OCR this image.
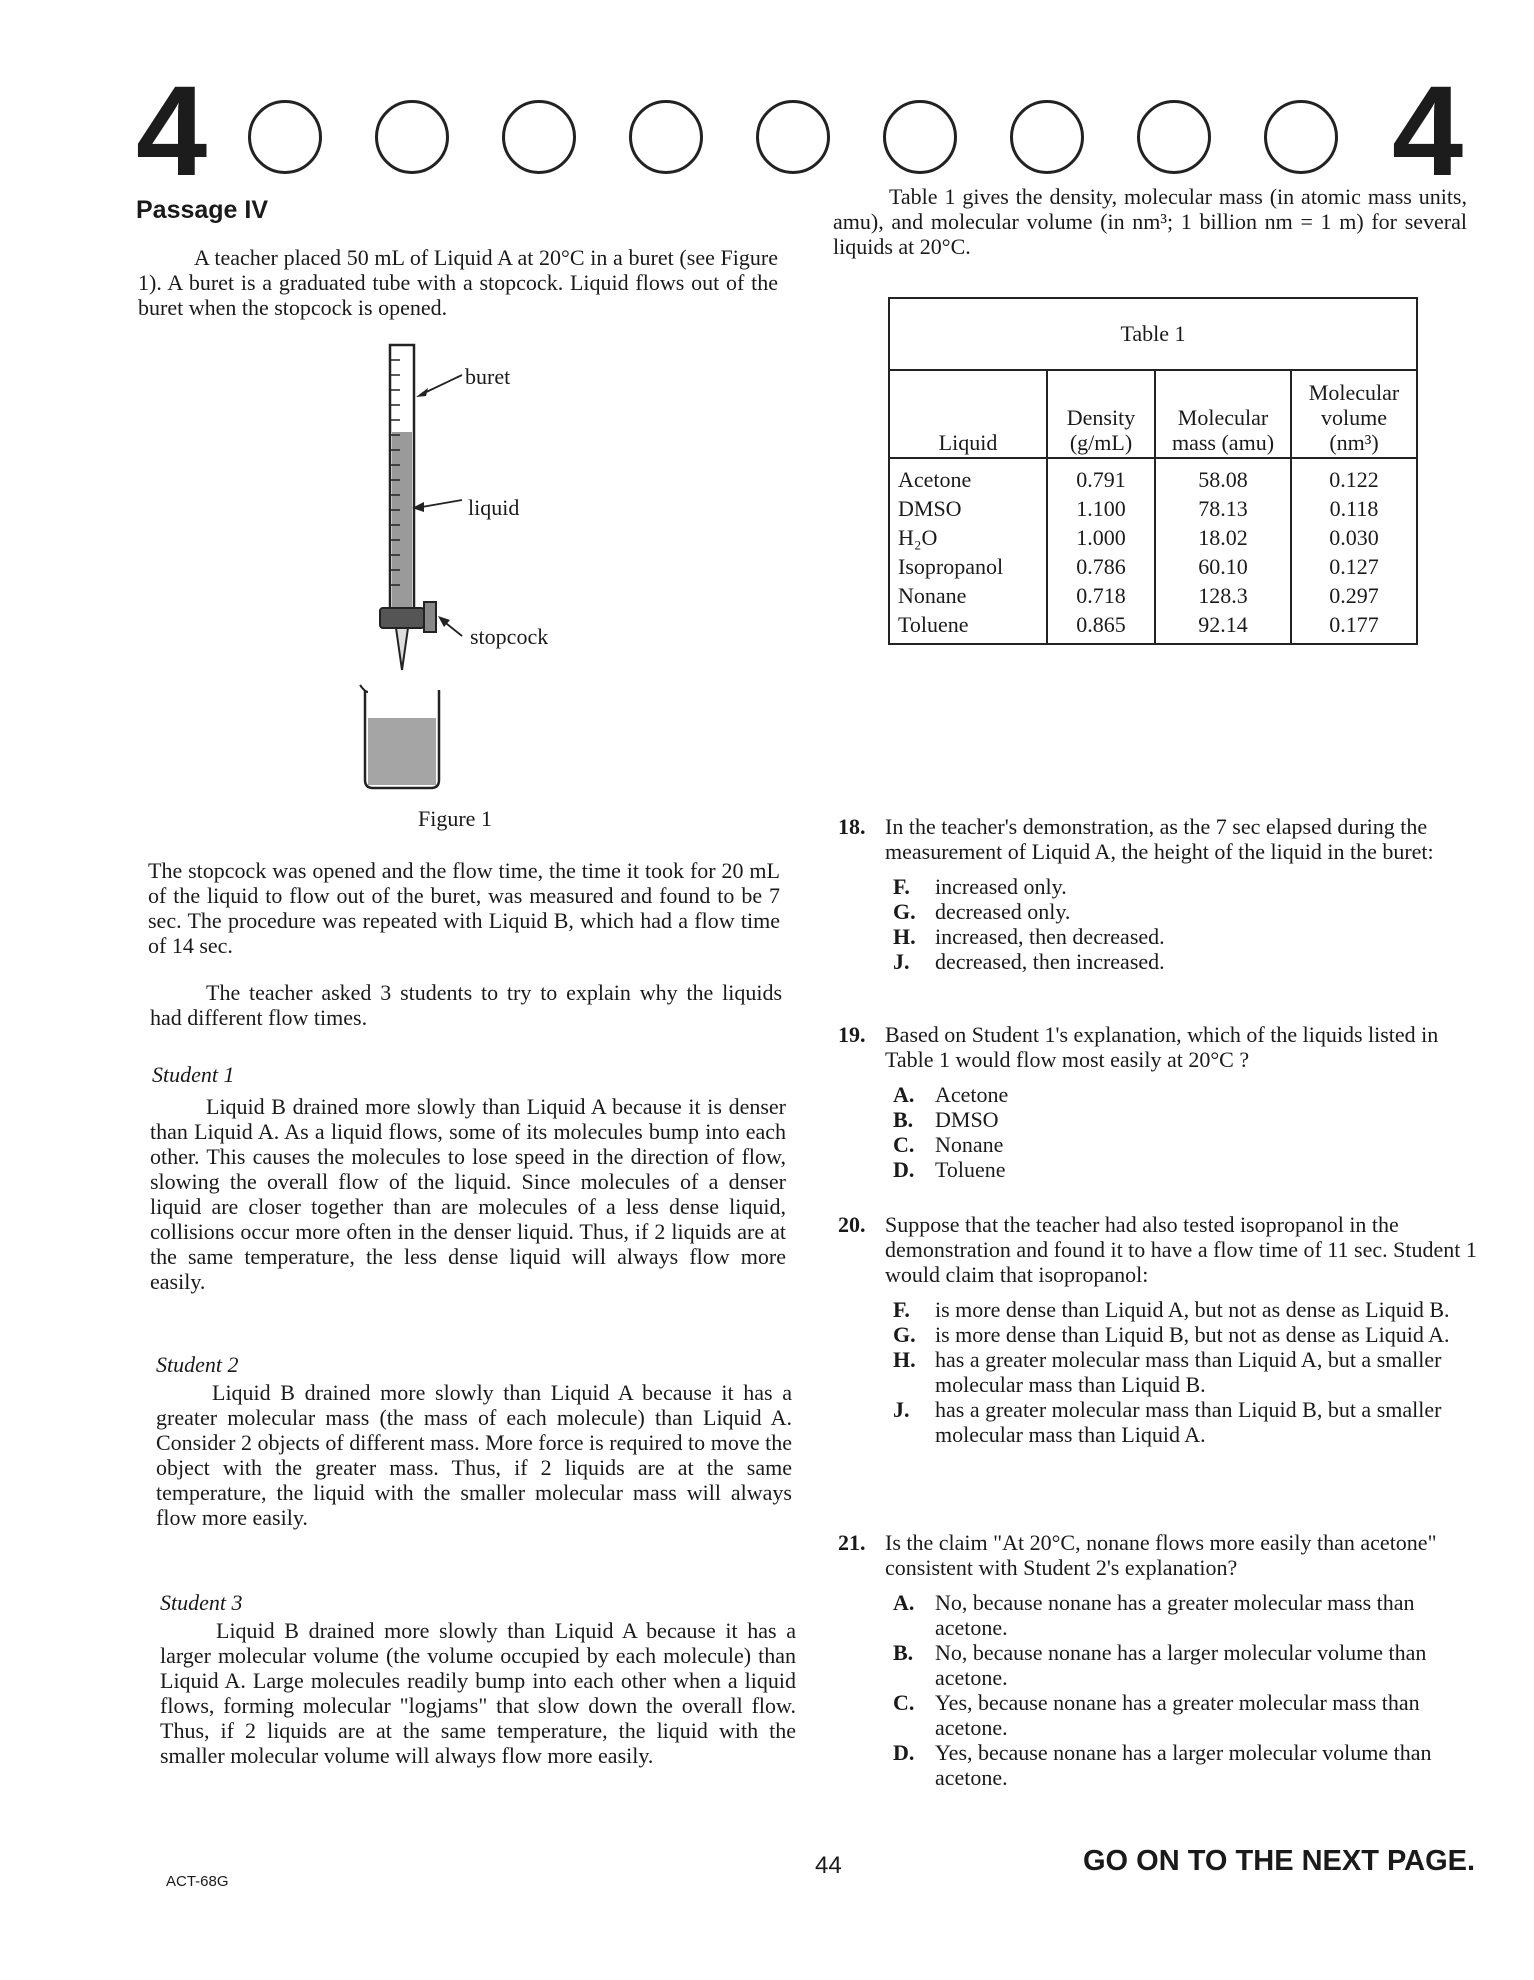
4	4
Passage IV

A teacher placed 50 mL of Liquid A at 20°C in a buret (see Figure 1). A buret is a graduated tube with a stopcock. Liquid flows out of the buret when the stopcock is opened.

buret
liquid
stopcock
Figure 1

The stopcock was opened and the flow time, the time it took for 20 mL of the liquid to flow out of the buret, was measured and found to be 7 sec. The procedure was repeated with Liquid B, which had a flow time of 14 sec.

The teacher asked 3 students to try to explain why the liquids had different flow times.

Student 1

Liquid B drained more slowly than Liquid A because it is denser than Liquid A. As a liquid flows, some of its molecules bump into each other. This causes the molecules to lose speed in the direction of flow, slowing the overall flow of the liquid. Since molecules of a denser liquid are closer together than are molecules of a less dense liquid, collisions occur more often in the denser liquid. Thus, if 2 liquids are at the same temperature, the less dense liquid will always flow more easily.

Student 2

Liquid B drained more slowly than Liquid A because it has a greater molecular mass (the mass of each molecule) than Liquid A. Consider 2 objects of different mass. More force is required to move the object with the greater mass. Thus, if 2 liquids are at the same temperature, the liquid with the smaller molecular mass will always flow more easily.

Student 3

Liquid B drained more slowly than Liquid A because it has a larger molecular volume (the volume occupied by each molecule) than Liquid A. Large molecules readily bump into each other when a liquid flows, forming molecular "logjams" that slow down the overall flow. Thus, if 2 liquids are at the same temperature, the liquid with the smaller molecular volume will always flow more easily.

Table 1 gives the density, molecular mass (in atomic mass units, amu), and molecular volume (in nm³; 1 billion nm = 1 m) for several liquids at 20°C.

Table 1
Liquid	Density (g/mL)	Molecular mass (amu)	Molecular volume (nm³)
Acetone	0.791	58.08	0.122
DMSO	1.100	78.13	0.118
H₂O	1.000	18.02	0.030
Isopropanol	0.786	60.10	0.127
Nonane	0.718	128.3	0.297
Toluene	0.865	92.14	0.177
18. In the teacher's demonstration, as the 7 sec elapsed during the measurement of Liquid A, the height of the liquid in the buret:
F. increased only.
G. decreased only.
H. increased, then decreased.
J. decreased, then increased.
19. Based on Student 1's explanation, which of the liquids listed in Table 1 would flow most easily at 20°C ?
A. Acetone
B. DMSO
C. Nonane
D. Toluene
20. Suppose that the teacher had also tested isopropanol in the demonstration and found it to have a flow time of 11 sec. Student 1 would claim that isopropanol:
F. is more dense than Liquid A, but not as dense as Liquid B.
G. is more dense than Liquid B, but not as dense as Liquid A.
H. has a greater molecular mass than Liquid A, but a smaller molecular mass than Liquid B.
J. has a greater molecular mass than Liquid B, but a smaller molecular mass than Liquid A.
21. Is the claim "At 20°C, nonane flows more easily than acetone" consistent with Student 2's explanation?
A. No, because nonane has a greater molecular mass than acetone.
B. No, because nonane has a larger molecular volume than acetone.
C. Yes, because nonane has a greater molecular mass than acetone.
D. Yes, because nonane has a larger molecular volume than acetone.
ACT-68G
44	GO ON TO THE NEXT PAGE.
